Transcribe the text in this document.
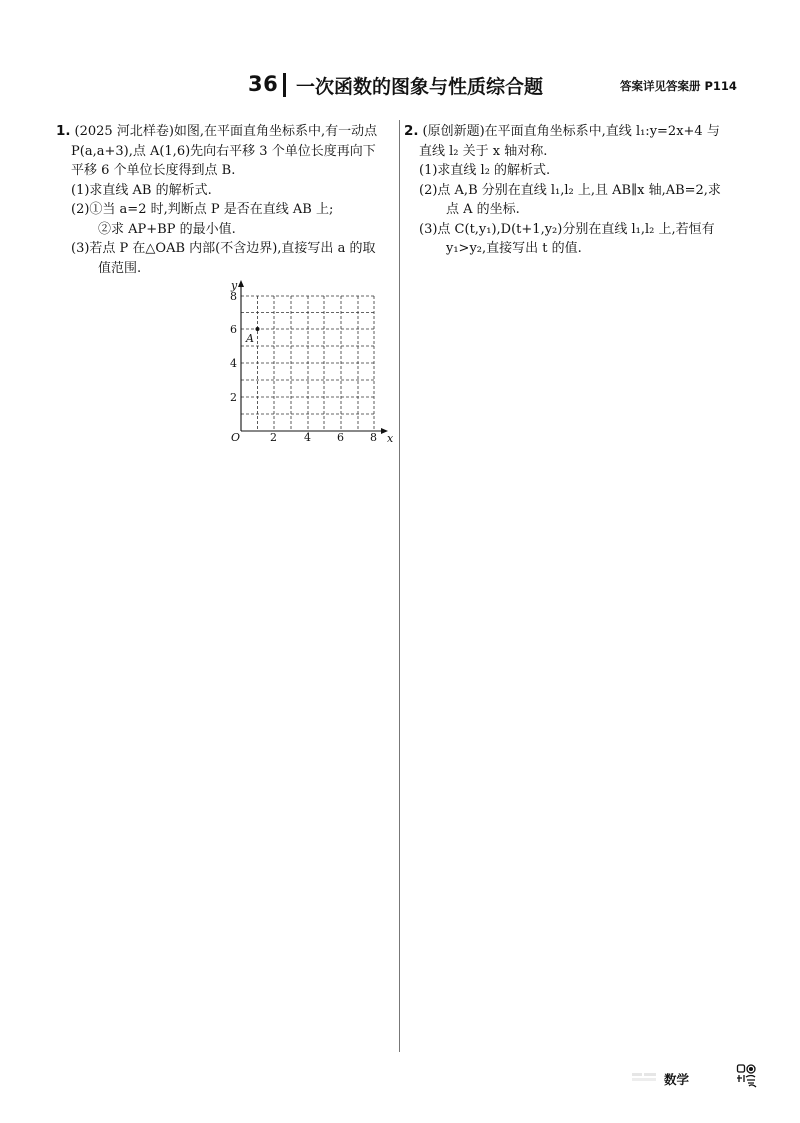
36 一次函数的图象与性质综合题	答案详见答案册 P114
1. (2025 河北样卷)如图,在平面直角坐标系中,有一动点
P(a,a+3),点 A(1,6)先向右平移 3 个单位长度再向下
平移 6 个单位长度得到点 B.
(1)求直线 AB 的解析式.
(2)①当 a=2 时,判断点 P 是否在直线 AB 上;
②求 AP+BP 的最小值.
(3)若点 P 在△OAB 内部(不含边界),直接写出 a 的取
值范围.
x
y
O
A
2 4 6 8
2
4
6
8
2. (原创新题)在平面直角坐标系中,直线 l₁:y=2x+4 与
直线 l₂ 关于 x 轴对称.
(1)求直线 l₂ 的解析式.
(2)点 A,B 分别在直线 l₁,l₂ 上,且 AB∥x 轴,AB=2,求
点 A 的坐标.
(3)点 C(t,y₁),D(t+1,y₂)分别在直线 l₁,l₂ 上,若恒有
y₁>y₂,直接写出 t 的值.
数学
